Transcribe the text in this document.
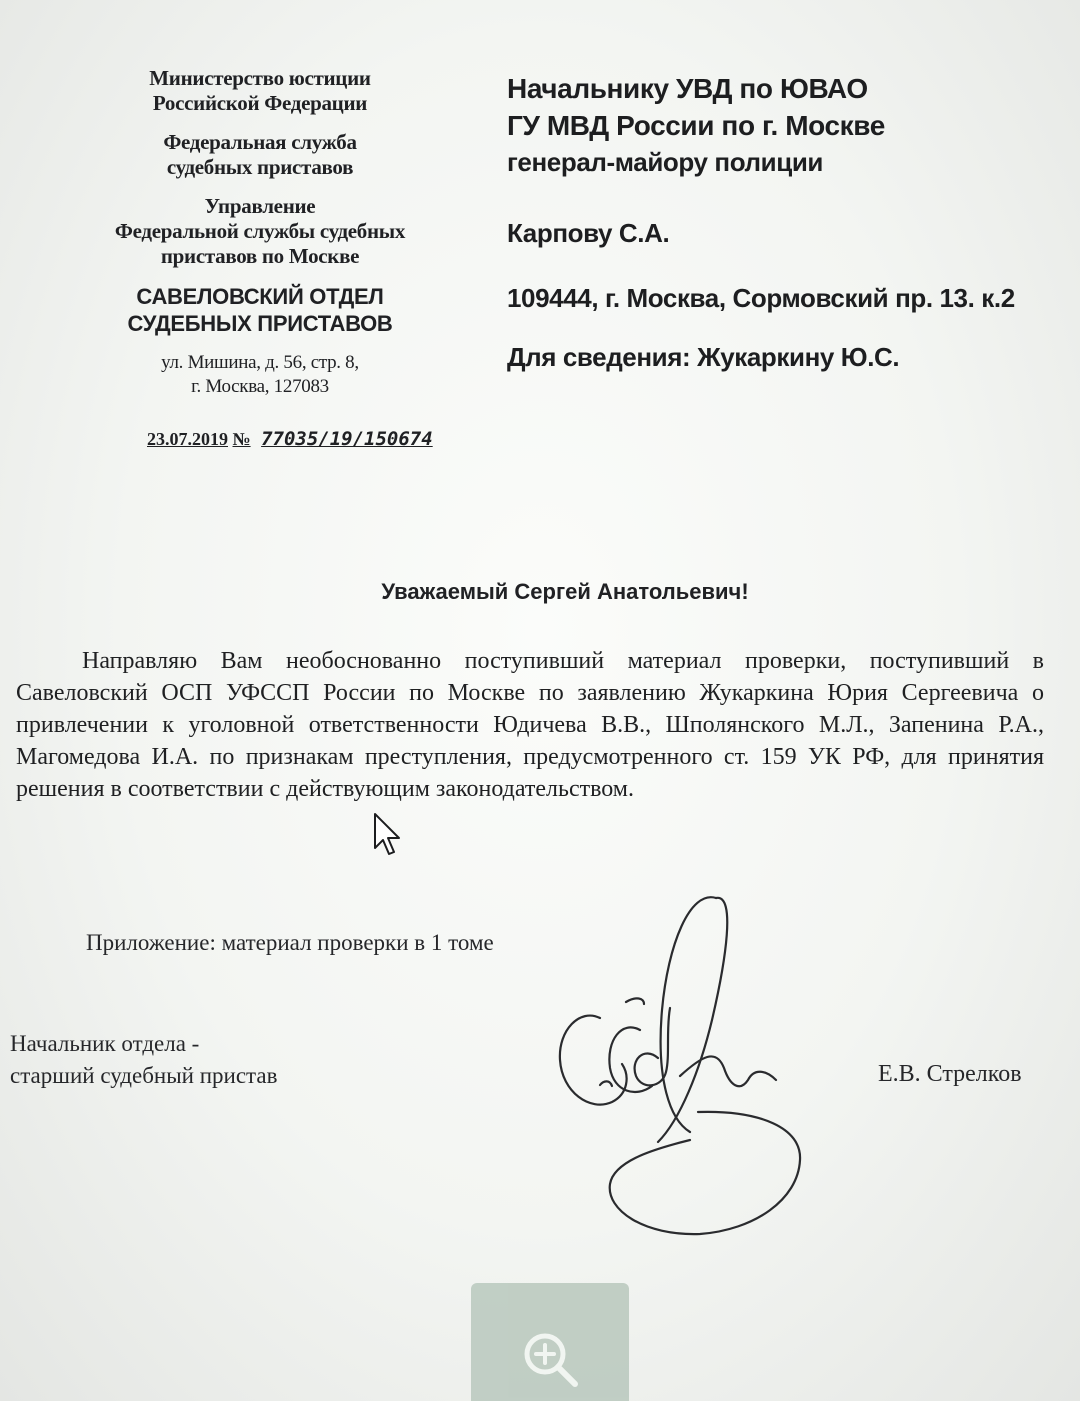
Министерство юстиции

Российской Федерации

Федеральная служба

судебных приставов

Управление

Федеральной службы судебных

приставов по Москве

САВЕЛОВСКИЙ ОТДЕЛ

СУДЕБНЫХ ПРИСТАВОВ

ул. Мишина, д. 56, стр. 8,

г. Москва, 127083

23.07.2019 № 77035/19/150674

Начальнику УВД по ЮВАО

ГУ МВД России по г. Москве

генерал-майору полиции

Карпову С.А.

109444, г. Москва, Сормовский пр. 13. к.2

Для сведения: Жукаркину Ю.С.

Уважаемый Сергей Анатольевич!

Направляю Вам необоснованно поступивший материал проверки, поступивший в Савеловский ОСП УФССП России по Москве по заявлению Жукаркина Юрия Сергеевича о привлечении к уголовной ответственности Юдичева В.В., Шполянского М.Л., Запенина Р.А., Магомедова И.А. по признакам преступления, предусмотренного ст. 159 УК РФ, для принятия решения в соответствии с действующим законодательством.

Приложение: материал проверки в 1 томе
Начальник отдела -
старший судебный пристав	Е.В. Стрелков
